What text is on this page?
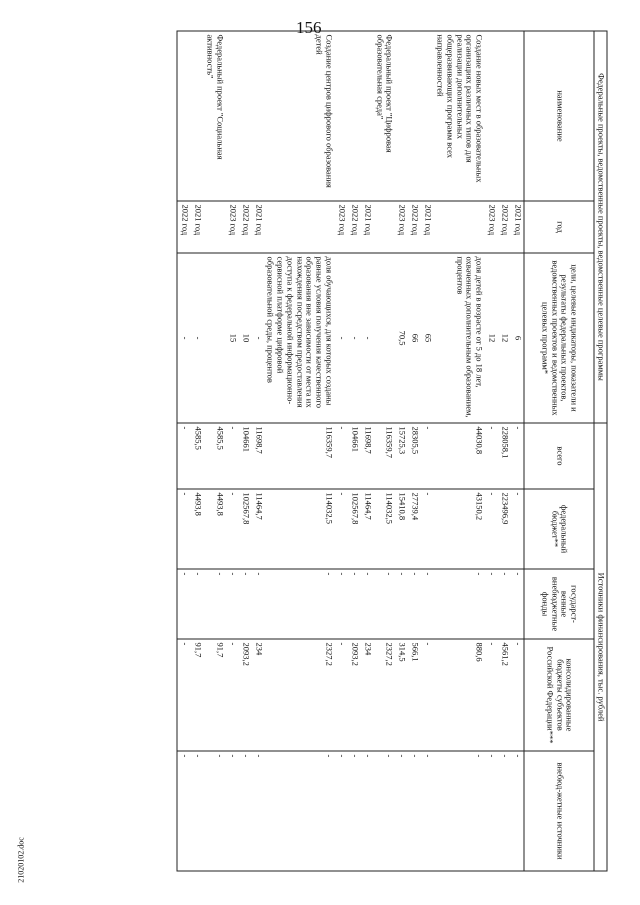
156
Федеральные проекты, ведомственные проекты, ведомственные целевые программы			Источники финансирования, тыс. рублей				
наименование	год	цели, целевые индикаторы, показатели и результаты федеральных проектов, ведомственных проектов и ведомственных целевых программ*	всего	федеральный бюджет**	государст-венные внебюджетные фонды	консолидированные бюджеты субъектов Российской Федерации***	внебюд-жетные источники
	2021 год	6	-	-	-	-	-
	2022 год	12	228058,1	223496,9	-	4561,2	-
	2023 год	12	-	-	-	-	-
Создание новых мест в образовательных организациях различных типов для реализации дополнительных общеразвивающих программ всех направленностей		доля детей в возрасте от 5 до 18 лет, охваченных дополнительным образованием, процентов	44030,8	43150,2	-	880,6	-
	2021 год	65	-	-	-	-	-
	2022 год	66	28305,5	27739,4	-	566,1	-
	2023 год	70,5	15725,3	15410,8	-	314,5	-
Федеральный проект "Цифровая образовательная среда"			116359,7	114032,5	-	2327,2	-
	2021 год	-	11698,7	11464,7	-	234	-
	2022 год	-	104661	102567,8	-	2093,2	-
	2023 год	-	-	-	-	-	-
Создание центров цифрового образования детей		доля обучающихся, для которых созданы равные условия получения качественного образования вне зависимости от места их нахождения посредством предоставления доступа к федеральной информационно-сервисной платформе цифровой образовательной среды, процентов	116359,7	114032,5	-	2327,2	-
	2021 год	-	11698,7	11464,7	-	234	-
	2022 год	10	104661	102567,8	-	2093,2	-
	2023 год	15	-	-	-	-	-
Федеральный проект "Социальная активность"			4585,5	4493,8	-	91,7	-
	2021 год	-	4585,5	4493,8	-	91,7	-
	2022 год	-	-	-	-	-	-
21020102.doc
